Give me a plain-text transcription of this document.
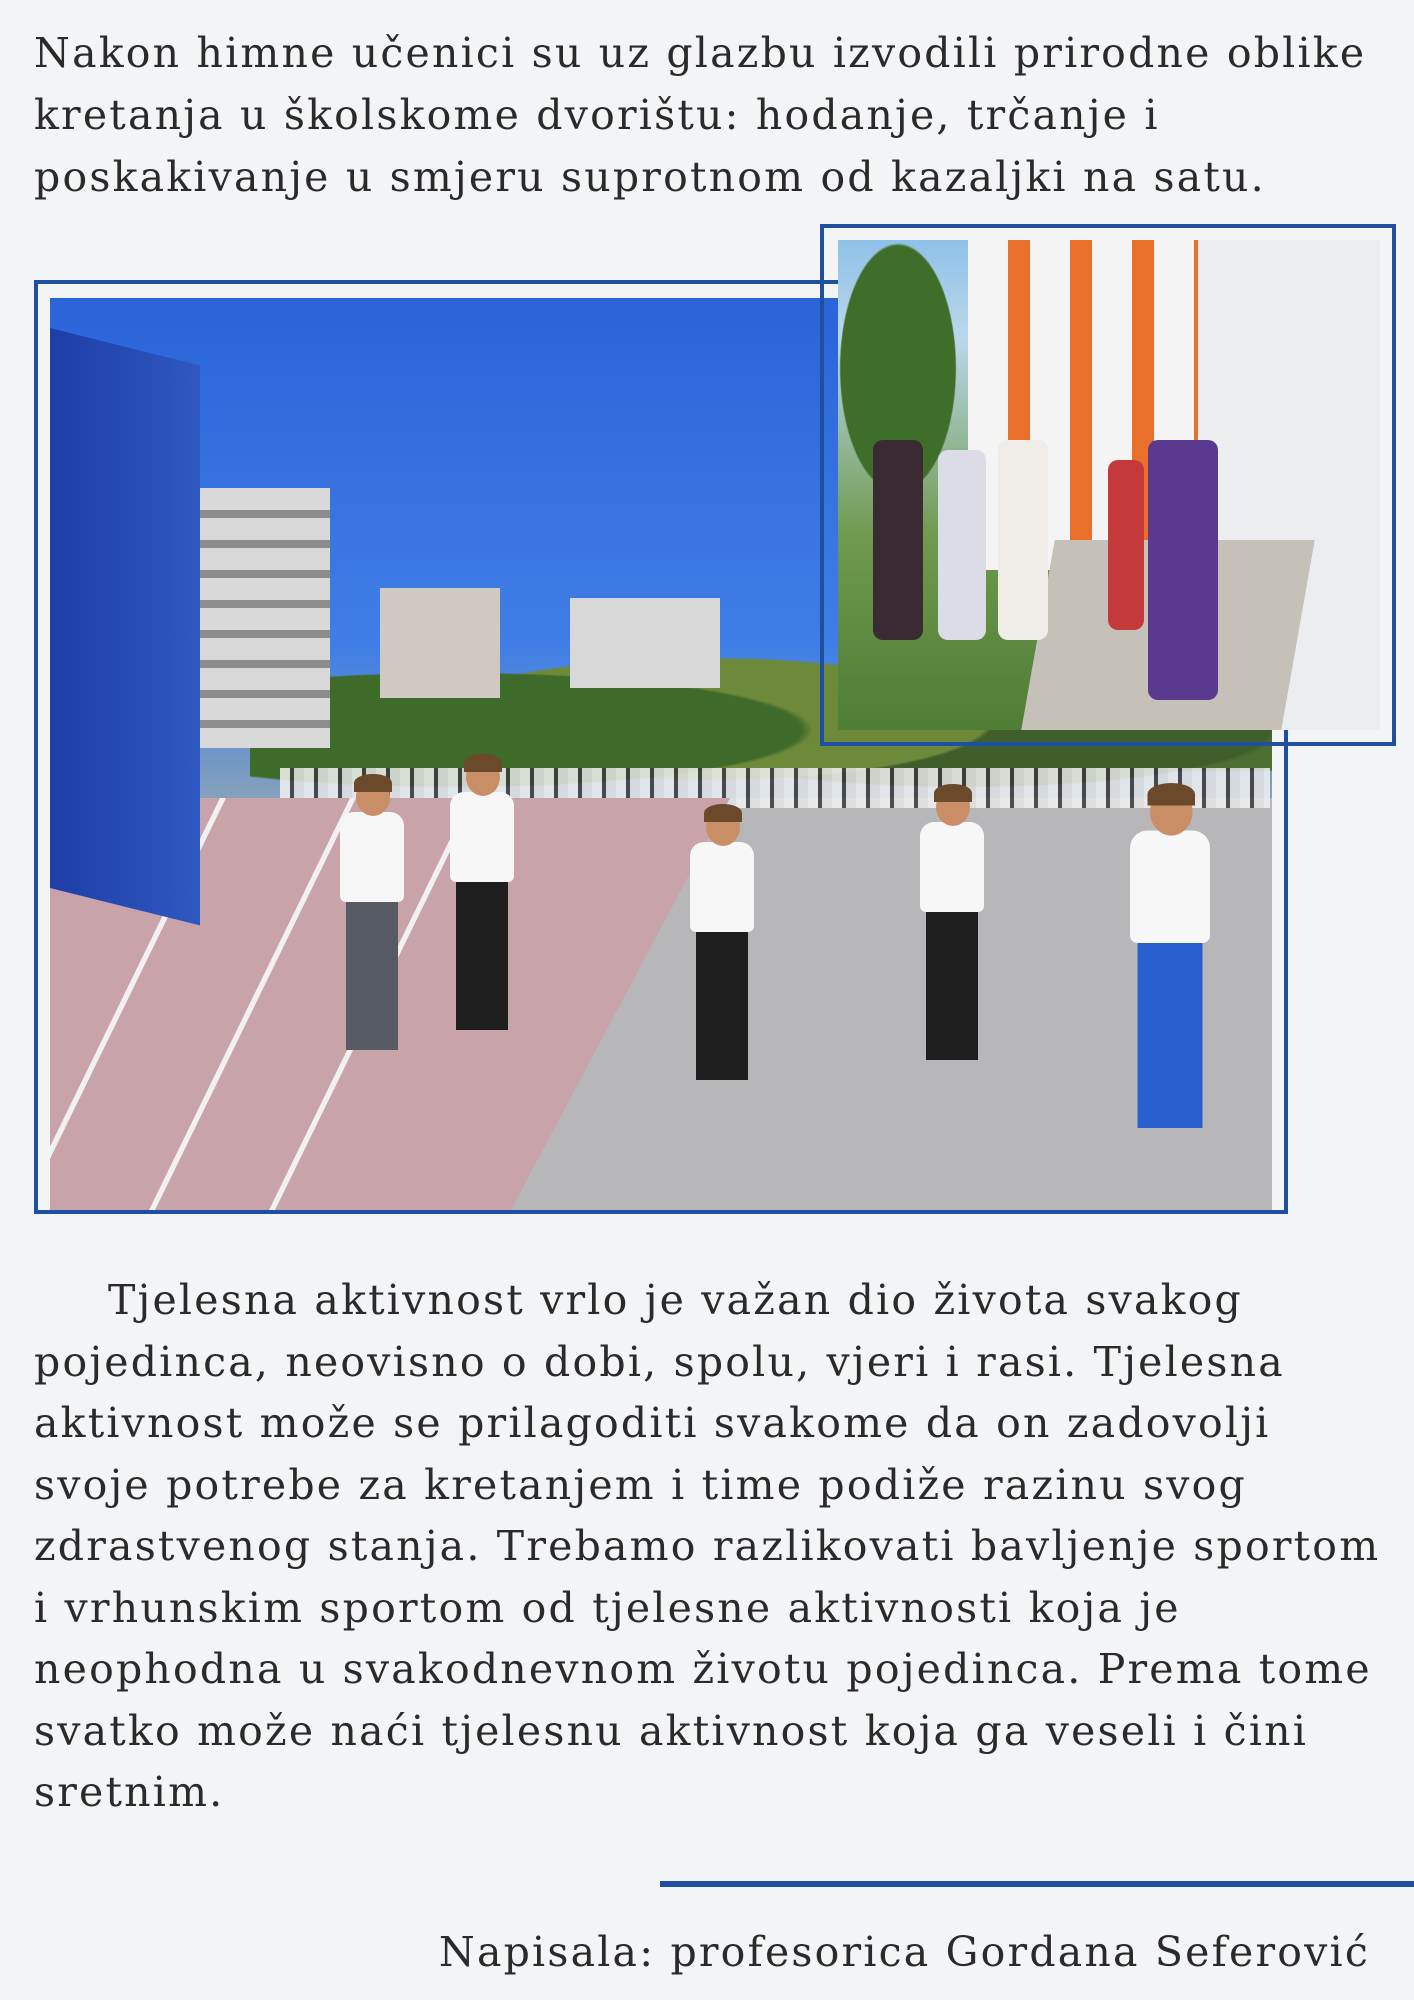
Nakon himne učenici su uz glazbu izvodili prirodne oblike kretanja u školskome dvorištu: hodanje, trčanje i poskakivanje u smjeru suprotnom od kazaljki na satu.

Tjelesna aktivnost vrlo je važan dio života svakog pojedinca, neovisno o dobi, spolu, vjeri i rasi. Tjelesna aktivnost može se prilagoditi svakome da on zadovolji svoje potrebe za kretanjem i time podiže razinu svog zdrastvenog stanja. Trebamo razlikovati bavljenje sportom i vrhunskim sportom od tjelesne aktivnosti koja je neophodna u svakodnevnom životu pojedinca. Prema tome svatko može naći tjelesnu aktivnost koja ga veseli i čini sretnim.

Napisala: profesorica Gordana Seferović
